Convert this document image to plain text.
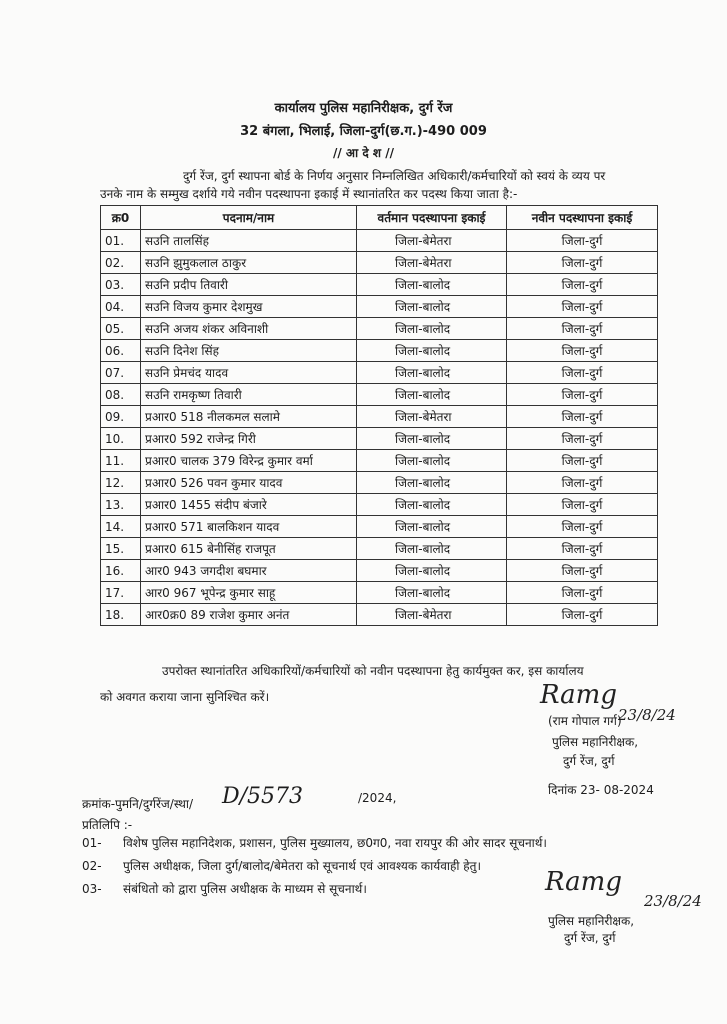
कार्यालय पुलिस महानिरीक्षक, दुर्ग रेंज
32 बंगला, भिलाई, जिला-दुर्ग(छ.ग.)-490 009
// आ दे श //
दुर्ग रेंज, दुर्ग स्थापना बोर्ड के निर्णय अनुसार निम्नलिखित अधिकारी/कर्मचारियों को स्वयं के व्यय पर
उनके नाम के सम्मुख दर्शाये गये नवीन पदस्थापना इकाई में स्थानांतरित कर पदस्थ किया जाता है:-
क्र0	पदनाम/नाम	वर्तमान पदस्थापना इकाई	नवीन पदस्थापना इकाई
01.	सउनि तालसिंह	जिला-बेमेतरा	जिला-दुर्ग
02.	सउनि झुमुकलाल ठाकुर	जिला-बेमेतरा	जिला-दुर्ग
03.	सउनि प्रदीप तिवारी	जिला-बालोद	जिला-दुर्ग
04.	सउनि विजय कुमार देशमुख	जिला-बालोद	जिला-दुर्ग
05.	सउनि अजय शंकर अविनाशी	जिला-बालोद	जिला-दुर्ग
06.	सउनि दिनेश सिंह	जिला-बालोद	जिला-दुर्ग
07.	सउनि प्रेमचंद यादव	जिला-बालोद	जिला-दुर्ग
08.	सउनि रामकृष्ण तिवारी	जिला-बालोद	जिला-दुर्ग
09.	प्रआर0 518 नीलकमल सलामे	जिला-बेमेतरा	जिला-दुर्ग
10.	प्रआर0 592 राजेन्द्र गिरी	जिला-बालोद	जिला-दुर्ग
11.	प्रआर0 चालक 379 विरेन्द्र कुमार वर्मा	जिला-बालोद	जिला-दुर्ग
12.	प्रआर0 526 पवन कुमार यादव	जिला-बालोद	जिला-दुर्ग
13.	प्रआर0 1455 संदीप बंजारे	जिला-बालोद	जिला-दुर्ग
14.	प्रआर0 571 बालकिशन यादव	जिला-बालोद	जिला-दुर्ग
15.	प्रआर0 615 बेनीसिंह राजपूत	जिला-बालोद	जिला-दुर्ग
16.	आर0 943 जगदीश बघमार	जिला-बालोद	जिला-दुर्ग
17.	आर0 967 भूपेन्द्र कुमार साहू	जिला-बालोद	जिला-दुर्ग
18.	आर0क्र0 89 राजेश कुमार अनंत	जिला-बेमेतरा	जिला-दुर्ग
उपरोक्त स्थानांतरित अधिकारियों/कर्मचारियों को नवीन पदस्थापना हेतु कार्यमुक्त कर, इस कार्यालय
को अवगत कराया जाना सुनिश्चित करें।	Ramg
23/8/24
(राम गोपाल गर्ग)
पुलिस महानिरीक्षक,
दुर्ग रेंज, दुर्ग
दिनांक 23- 08-2024
क्रमांक-पुमनि/दुर्गरेंज/स्था/ D/5573	/2024,
प्रतिलिपि :-
01- विशेष पुलिस महानिदेशक, प्रशासन, पुलिस मुख्यालय, छ0ग0, नवा रायपुर की ओर सादर सूचनार्थ।
02- पुलिस अधीक्षक, जिला दुर्ग/बालोद/बेमेतरा को सूचनार्थ एवं आवश्यक कार्यवाही हेतु।
03- संबंधितो को द्वारा पुलिस अधीक्षक के माध्यम से सूचनार्थ।	Ramg
23/8/24
पुलिस महानिरीक्षक,
दुर्ग रेंज, दुर्ग
